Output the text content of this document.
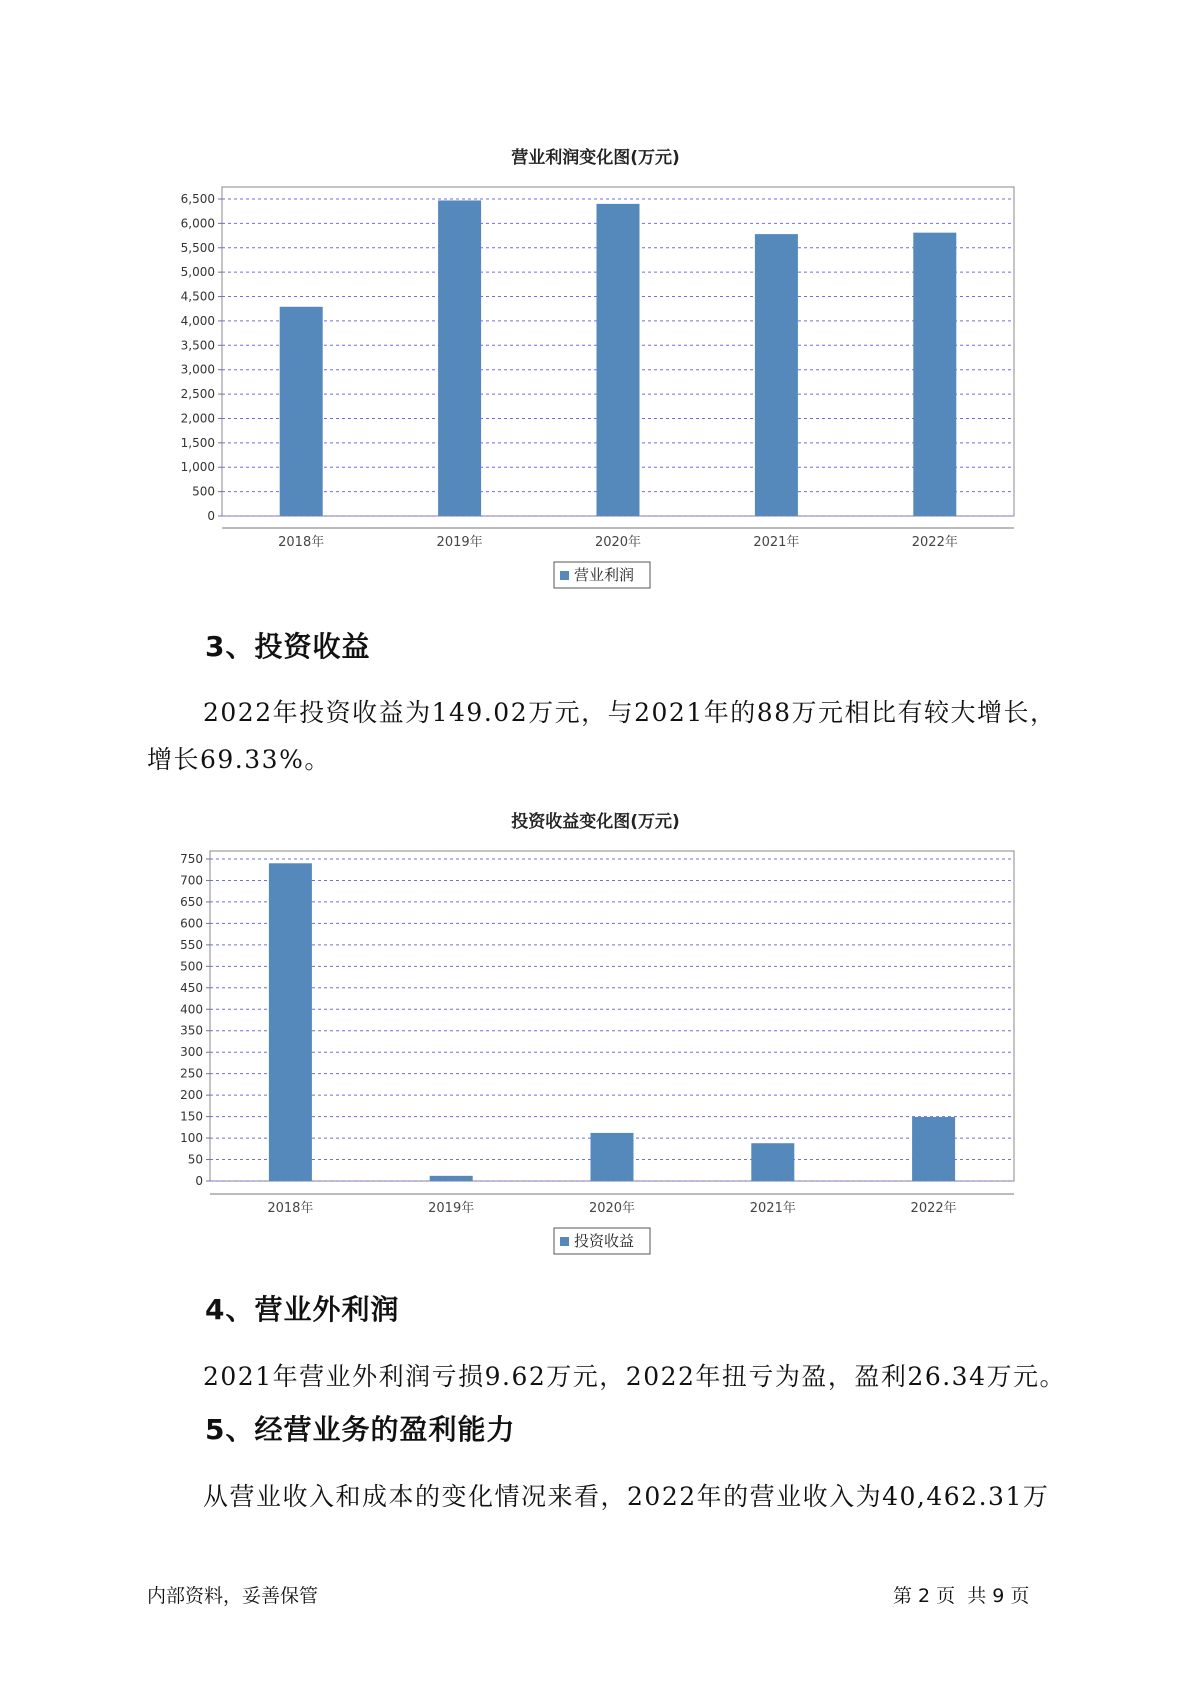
营业利润变化图(万元)
0
500
1,000
1,500
2,000
2,500
3,000
3,500
4,000
4,500
5,000
5,500
6,000
6,500
2018年	2019年	2020年	2021年	2022年
营业利润
3、投资收益
2022年投资收益为149.02万元，与2021年的88万元相比有较大增长，
增长69.33%。
投资收益变化图(万元)
0
50
100
150
200
250
300
350
400
450
500
550
600
650
700
750
2018年	2019年	2020年	2021年	2022年
投资收益
4、营业外利润
2021年营业外利润亏损9.62万元，2022年扭亏为盈，盈利26.34万元。
5、经营业务的盈利能力
从营业收入和成本的变化情况来看，2022年的营业收入为40,462.31万
内部资料，妥善保管	第 2 页  共 9 页
